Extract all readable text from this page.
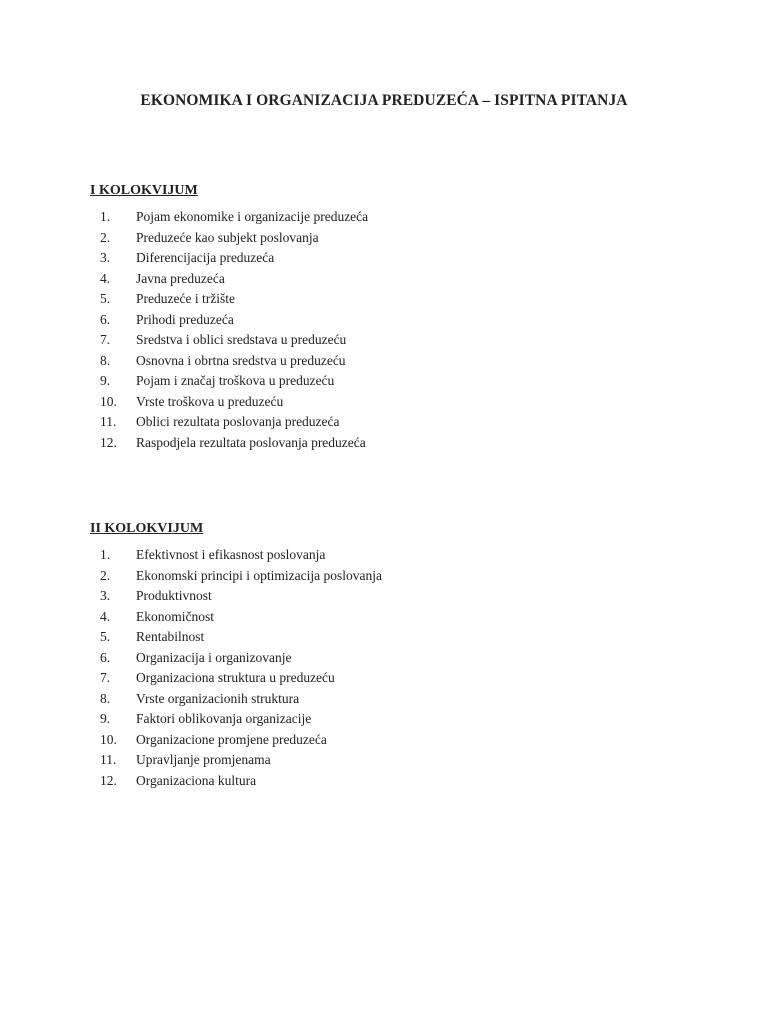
EKONOMIKA I ORGANIZACIJA PREDUZEĆA – ISPITNA PITANJA
I KOLOKVIJUM
1.	Pojam ekonomike i organizacije preduzeća
2.	Preduzeće kao subjekt poslovanja
3.	Diferencijacija preduzeća
4.	Javna preduzeća
5.	Preduzeće i tržište
6.	Prihodi preduzeća
7.	Sredstva i oblici sredstava u preduzeću
8.	Osnovna i obrtna sredstva u preduzeću
9.	Pojam i značaj troškova u preduzeću
10.	Vrste troškova u preduzeću
11.	Oblici rezultata poslovanja preduzeća
12.	Raspodjela rezultata poslovanja preduzeća
II KOLOKVIJUM
1.	Efektivnost i efikasnost poslovanja
2.	Ekonomski principi i optimizacija poslovanja
3.	Produktivnost
4.	Ekonomičnost
5.	Rentabilnost
6.	Organizacija i organizovanje
7.	Organizaciona struktura u preduzeću
8.	Vrste organizacionih struktura
9.	Faktori oblikovanja organizacije
10.	Organizacione promjene preduzeća
11.	Upravljanje promjenama
12.	Organizaciona kultura
